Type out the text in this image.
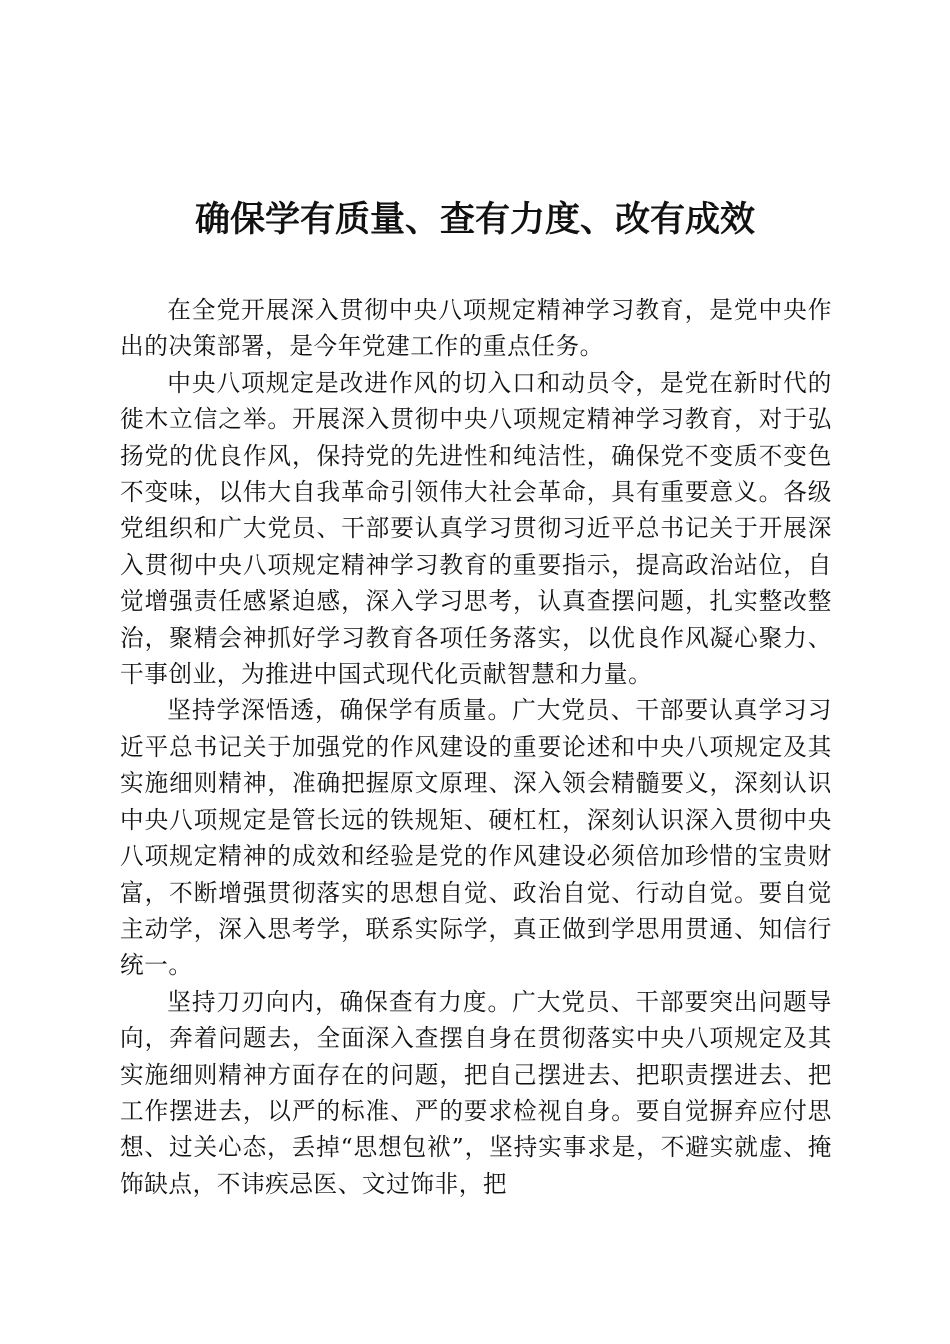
确保学有质量、查有力度、改有成效

在全党开展深入贯彻中央八项规定精神学习教育，是党中央作出的决策部署，是今年党建工作的重点任务。

中央八项规定是改进作风的切入口和动员令，是党在新时代的徙木立信之举。开展深入贯彻中央八项规定精神学习教育，对于弘扬党的优良作风，保持党的先进性和纯洁性，确保党不变质不变色不变味，以伟大自我革命引领伟大社会革命，具有重要意义。各级党组织和广大党员、干部要认真学习贯彻习近平总书记关于开展深入贯彻中央八项规定精神学习教育的重要指示，提高政治站位，自觉增强责任感紧迫感，深入学习思考，认真查摆问题，扎实整改整治，聚精会神抓好学习教育各项任务落实，以优良作风凝心聚力、干事创业，为推进中国式现代化贡献智慧和力量。

坚持学深悟透，确保学有质量。广大党员、干部要认真学习习近平总书记关于加强党的作风建设的重要论述和中央八项规定及其实施细则精神，准确把握原文原理、深入领会精髓要义，深刻认识中央八项规定是管长远的铁规矩、硬杠杠，深刻认识深入贯彻中央八项规定精神的成效和经验是党的作风建设必须倍加珍惜的宝贵财富，不断增强贯彻落实的思想自觉、政治自觉、行动自觉。要自觉主动学，深入思考学，联系实际学，真正做到学思用贯通、知信行统一。

坚持刀刃向内，确保查有力度。广大党员、干部要突出问题导向，奔着问题去，全面深入查摆自身在贯彻落实中央八项规定及其实施细则精神方面存在的问题，把自己摆进去、把职责摆进去、把工作摆进去，以严的标准、严的要求检视自身。要自觉摒弃应付思想、过关心态，丢掉“思想包袱”，坚持实事求是，不避实就虚、掩饰缺点，不讳疾忌医、文过饰非，把
